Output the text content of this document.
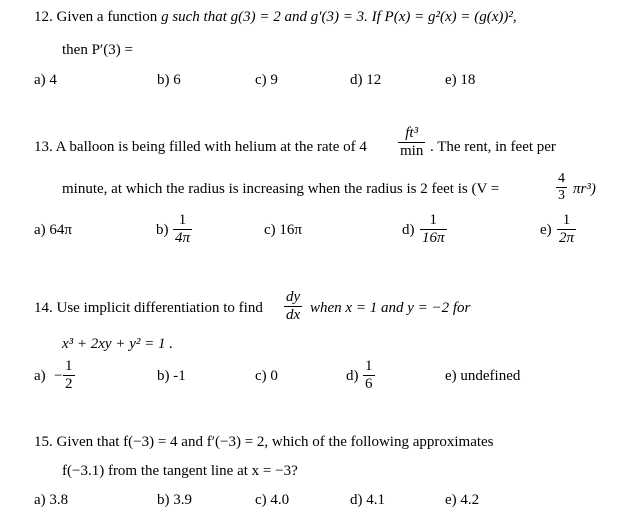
12. Given a function g such that g(3) = 2 and g′(3) = 3. If P(x) = g²(x) = (g(x))²,
then P′(3) =
a) 4	b) 6	c) 9	d) 12	e) 18
13. A balloon is being filled with helium at the rate of 4
ft³
min . The rent, in feet per
minute, at which the radius is increasing when the radius is 2 feet is (V =	$\frac{4}{3} \pi r^3$)
a) 64π	$b) \frac{1}{4\pi}$	c) 16π	$d) \frac{1}{16\pi}$	$e) \frac{1}{2\pi}$
14. Use implicit differentiation to find $\frac{dy}{dx}$ when x = 1 and y = −2 for
x³ + 2xy + y² = 1 .
$a) - \frac{1}{2}$	b) -1	c) 0	$d) \frac{1}{6}$	e) undefined
15. Given that f(−3) = 4 and f′(−3) = 2, which of the following approximates
f(−3.1) from the tangent line at x = −3?
a) 3.8	b) 3.9	c) 4.0	d) 4.1	e) 4.2
